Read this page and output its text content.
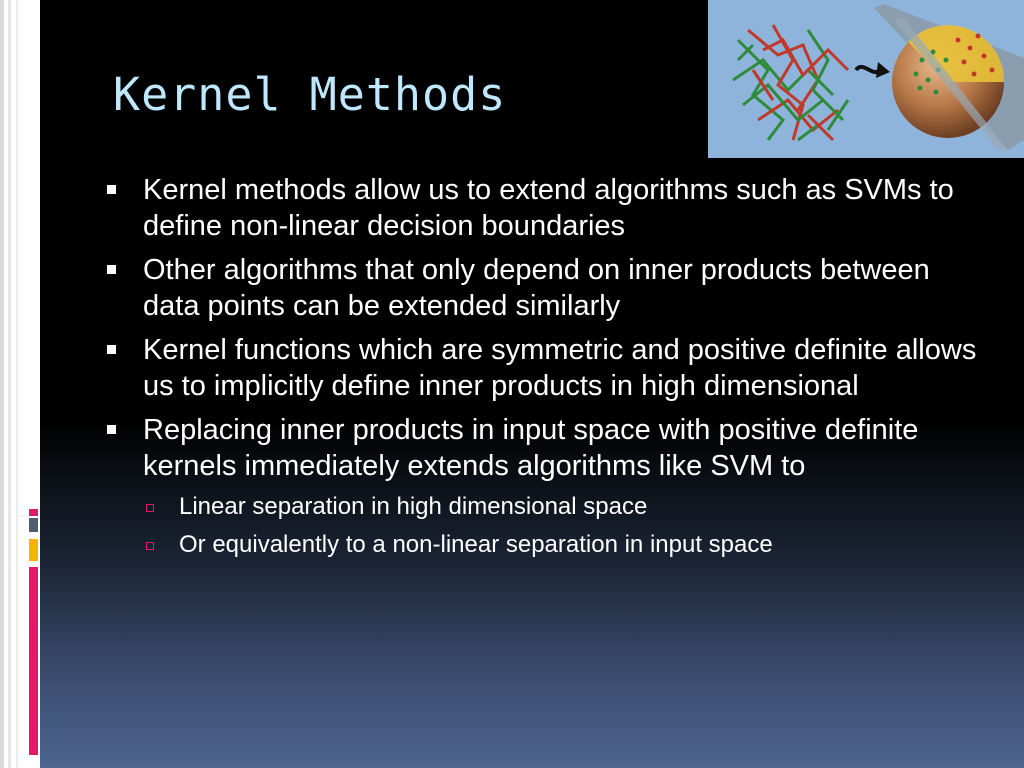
Kernel Methods
Kernel methods allow us to extend algorithms such as SVMs to define non-linear decision boundaries
Other algorithms that only depend on inner products between data points can be extended similarly
Kernel functions which are symmetric and positive definite allows us to implicitly define inner products in high dimensional
Replacing inner products in input space with positive definite kernels immediately extends algorithms like SVM to
Linear separation in high dimensional space
Or equivalently to a non-linear separation in input space
